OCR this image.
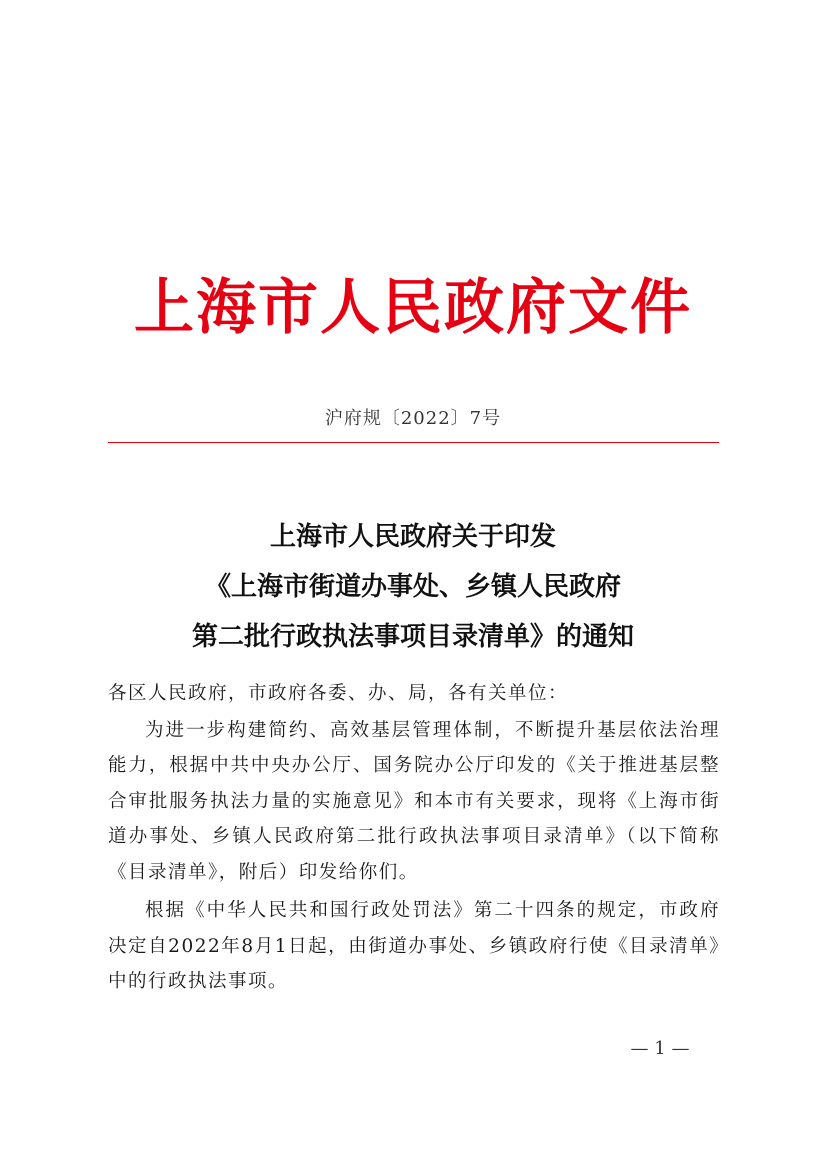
上海市人民政府文件
沪府规〔2022〕7号
上海市人民政府关于印发
《上海市街道办事处、乡镇人民政府
第二批行政执法事项目录清单》的通知

各区人民政府，市政府各委、办、局，各有关单位：

为进一步构建简约、高效基层管理体制，不断提升基层依法治理能力，根据中共中央办公厅、国务院办公厅印发的《关于推进基层整合审批服务执法力量的实施意见》和本市有关要求，现将《上海市街道办事处、乡镇人民政府第二批行政执法事项目录清单》（以下简称《目录清单》，附后）印发给你们。

根据《中华人民共和国行政处罚法》第二十四条的规定，市政府决定自2022年8月1日起，由街道办事处、乡镇政府行使《目录清单》中的行政执法事项。

— 1 —
